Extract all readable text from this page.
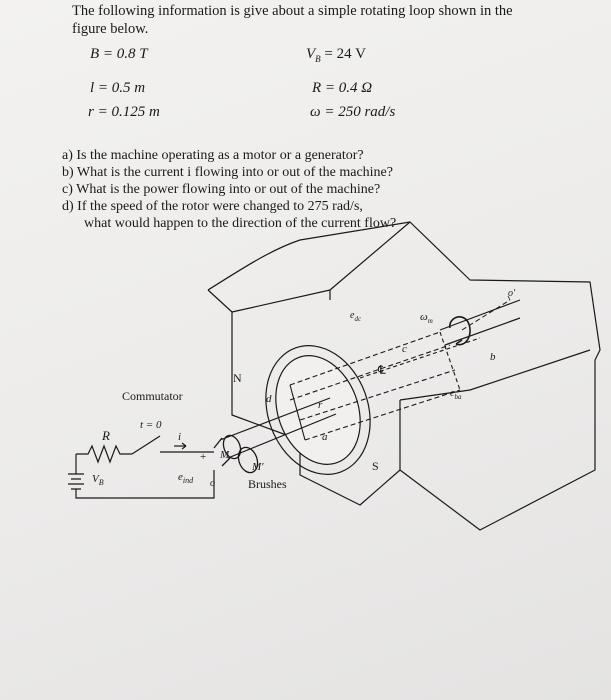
The following information is give about a simple rotating loop shown in the figure below.
B = 0.8 T	$V_B = 24$ V
l = 0.5 m	R = 0.4 Ω
r = 0.125 m	ω = 250 rad/s

a) Is the machine operating as a motor or a generator?

b) What is the current i flowing into or out of the machine?

c) What is the power flowing into or out of the machine?

d) If the speed of the rotor were changed to 275 rad/s,

what would happen to the direction of the current flow?

Commutator
t = 0
R
$V_B$
i
+ M
$e_{ind}$ o
M'
Brushes
N
S
d	r
a
c
b
$e_{dc}$	$\omega_m$
℄
$e_{ba}$
o'
